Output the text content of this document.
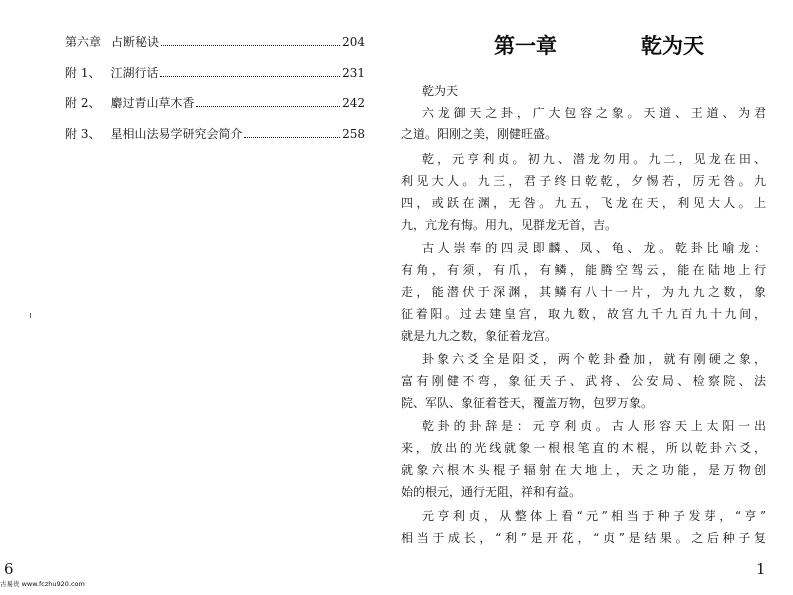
第六章 占断秘诀	204
附 1、 江湖行话	231
附 2、 麝过青山草木香	242
附 3、 星相山法易学研究会简介	258
6
古易贵 www.fczhu920.com
第一章	乾为天
乾为天
六龙御天之卦，广大包容之象。天道、王道、为君
之道。阳刚之美，刚健旺盛。
乾，元亨利贞。初九、潜龙勿用。九二，见龙在田、
利见大人。九三，君子终日乾乾，夕惕若，厉无咎。九
四，或跃在渊，无咎。九五，飞龙在天，利见大人。上
九，亢龙有悔。用九，见群龙无首，吉。
古人崇奉的四灵即麟、凤、龟、龙。乾卦比喻龙：
有角，有须，有爪，有鳞，能腾空驾云，能在陆地上行
走，能潜伏于深渊，其鳞有八十一片，为九九之数，象
征着阳。过去建皇宫，取九数，故宫九千九百九十九间，
就是九九之数，象征着龙宫。
卦象六爻全是阳爻，两个乾卦叠加，就有刚硬之象，
富有刚健不弯，象征天子、武将、公安局、检察院、法
院、军队、象征着苍天，覆盖万物，包罗万象。
乾卦的卦辞是：元亨利贞。古人形容天上太阳一出
来，放出的光线就象一根根笔直的木棍，所以乾卦六爻，
就象六根木头棍子辐射在大地上，天之功能，是万物创
始的根元，通行无阻，祥和有益。
元亨利贞，从整体上看“元”相当于种子发芽，“亨”
相当于成长，“利”是开花，“贞”是结果。之后种子复
1
